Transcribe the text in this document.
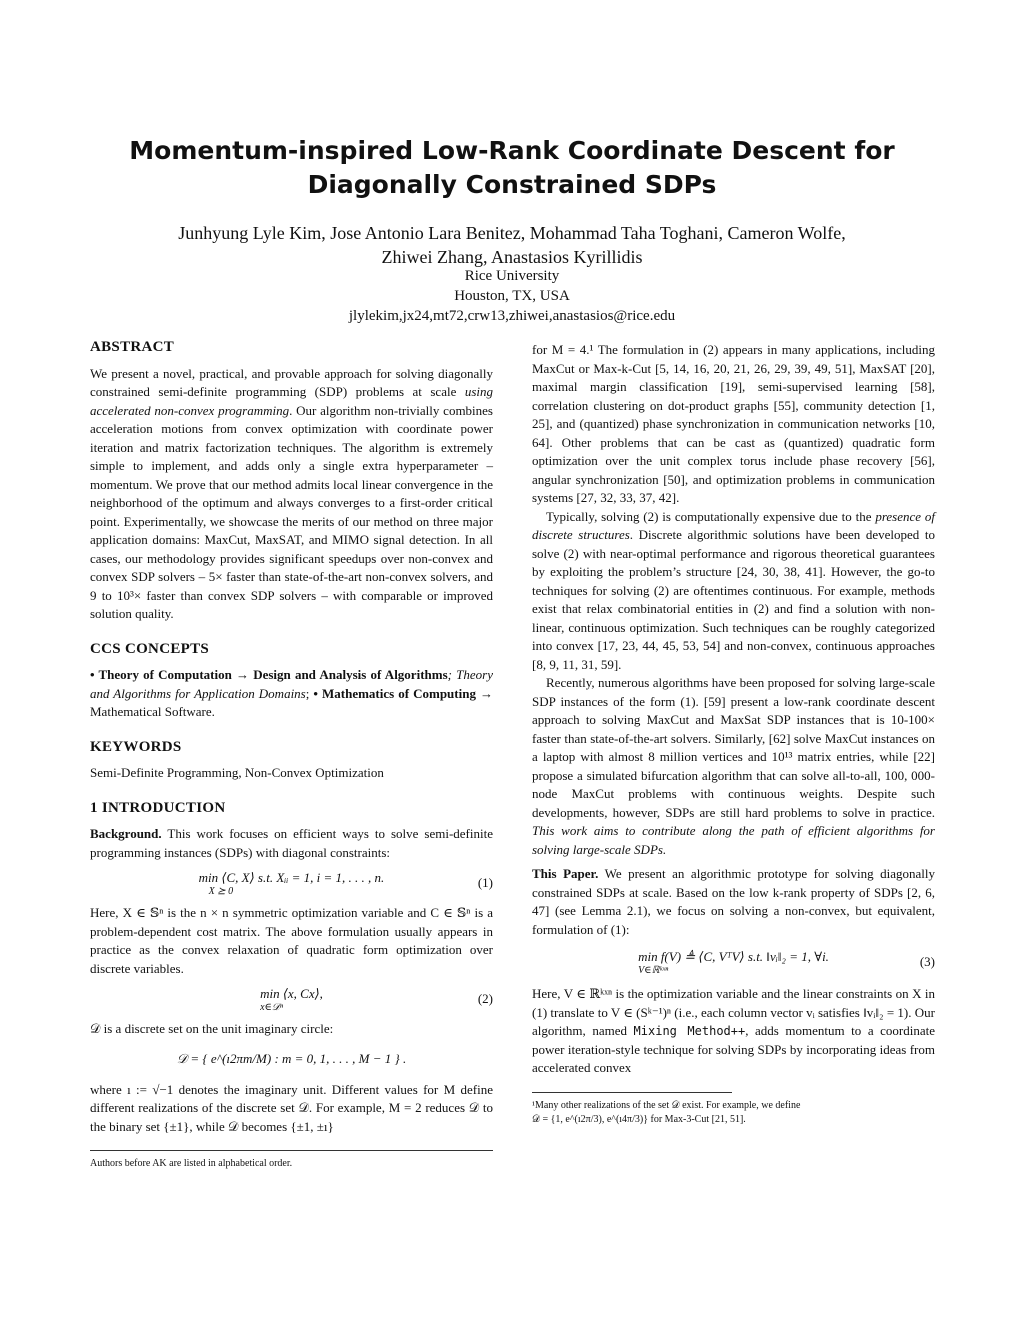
Momentum-inspired Low-Rank Coordinate Descent for
Diagonally Constrained SDPs
Junhyung Lyle Kim, Jose Antonio Lara Benitez, Mohammad Taha Toghani, Cameron Wolfe,
Zhiwei Zhang, Anastasios Kyrillidis
Rice University
Houston, TX, USA
jlylekim,jx24,mt72,crw13,zhiwei,anastasios@rice.edu
ABSTRACT

We present a novel, practical, and provable approach for solving diagonally constrained semi-definite programming (SDP) problems at scale using accelerated non-convex programming. Our algorithm non-trivially combines acceleration motions from convex optimization with coordinate power iteration and matrix factorization techniques. The algorithm is extremely simple to implement, and adds only a single extra hyperparameter – momentum. We prove that our method admits local linear convergence in the neighborhood of the optimum and always converges to a first-order critical point. Experimentally, we showcase the merits of our method on three major application domains: MaxCut, MaxSAT, and MIMO signal detection. In all cases, our methodology provides significant speedups over non-convex and convex SDP solvers – 5× faster than state-of-the-art non-convex solvers, and 9 to 10³× faster than convex SDP solvers – with comparable or improved solution quality.

CCS CONCEPTS

• Theory of Computation → Design and Analysis of Algorithms; Theory and Algorithms for Application Domains; • Mathematics of Computing → Mathematical Software.

KEYWORDS

Semi-Definite Programming, Non-Convex Optimization

1 INTRODUCTION

Background. This work focuses on efficient ways to solve semi-definite programming instances (SDPs) with diagonal constraints:

min ⟨C, X⟩ s.t. Xᵢᵢ = 1, i = 1, . . . , n.
X ⪰ 0
(1)

Here, X ∈ 𝕊ⁿ is the n × n symmetric optimization variable and C ∈ 𝕊ⁿ is a problem-dependent cost matrix. The above formulation usually appears in practice as the convex relaxation of quadratic form optimization over discrete variables.

min ⟨x, Cx⟩,
x∈𝒟ⁿ
(2)

𝒟 is a discrete set on the unit imaginary circle:

𝒟 = { e^(ı2πm/M) : m = 0, 1, . . . , M − 1 } .

where ı := √−1 denotes the imaginary unit. Different values for M define different realizations of the discrete set 𝒟. For example, M = 2 reduces 𝒟 to the binary set {±1}, while 𝒟 becomes {±1, ±ı}

Authors before AK are listed in alphabetical order.

for M = 4.¹ The formulation in (2) appears in many applications, including MaxCut or Max-k-Cut [5, 14, 16, 20, 21, 26, 29, 39, 49, 51], MaxSAT [20], maximal margin classification [19], semi-supervised learning [58], correlation clustering on dot-product graphs [55], community detection [1, 25], and (quantized) phase synchronization in communication networks [10, 64]. Other problems that can be cast as (quantized) quadratic form optimization over the unit complex torus include phase recovery [56], angular synchronization [50], and optimization problems in communication systems [27, 32, 33, 37, 42].

Typically, solving (2) is computationally expensive due to the presence of discrete structures. Discrete algorithmic solutions have been developed to solve (2) with near-optimal performance and rigorous theoretical guarantees by exploiting the problem’s structure [24, 30, 38, 41]. However, the go-to techniques for solving (2) are oftentimes continuous. For example, methods exist that relax combinatorial entities in (2) and find a solution with non-linear, continuous optimization. Such techniques can be roughly categorized into convex [17, 23, 44, 45, 53, 54] and non-convex, continuous approaches [8, 9, 11, 31, 59].

Recently, numerous algorithms have been proposed for solving large-scale SDP instances of the form (1). [59] present a low-rank coordinate descent approach to solving MaxCut and MaxSat SDP instances that is 10-100× faster than state-of-the-art solvers. Similarly, [62] solve MaxCut instances on a laptop with almost 8 million vertices and 10¹³ matrix entries, while [22] propose a simulated bifurcation algorithm that can solve all-to-all, 100, 000-node MaxCut problems with continuous weights. Despite such developments, however, SDPs are still hard problems to solve in practice. This work aims to contribute along the path of efficient algorithms for solving large-scale SDPs.

This Paper. We present an algorithmic prototype for solving diagonally constrained SDPs at scale. Based on the low k-rank property of SDPs [2, 6, 47] (see Lemma 2.1), we focus on solving a non-convex, but equivalent, formulation of (1):

min f(V) ≜ ⟨C, VᵀV⟩ s.t. ‖vᵢ‖₂ = 1, ∀i.
V∈ℝᵏˣⁿ
(3)

Here, V ∈ ℝᵏˣⁿ is the optimization variable and the linear constraints on X in (1) translate to V ∈ (Sᵏ⁻¹)ⁿ (i.e., each column vector vᵢ satisfies ‖vᵢ‖₂ = 1). Our algorithm, named Mixing Method++, adds momentum to a coordinate power iteration-style technique for solving SDPs by incorporating ideas from accelerated convex

¹Many other realizations of the set 𝒟 exist. For example, we define
𝒟 = {1, e^(ı2π/3), e^(ı4π/3)} for Max-3-Cut [21, 51].
